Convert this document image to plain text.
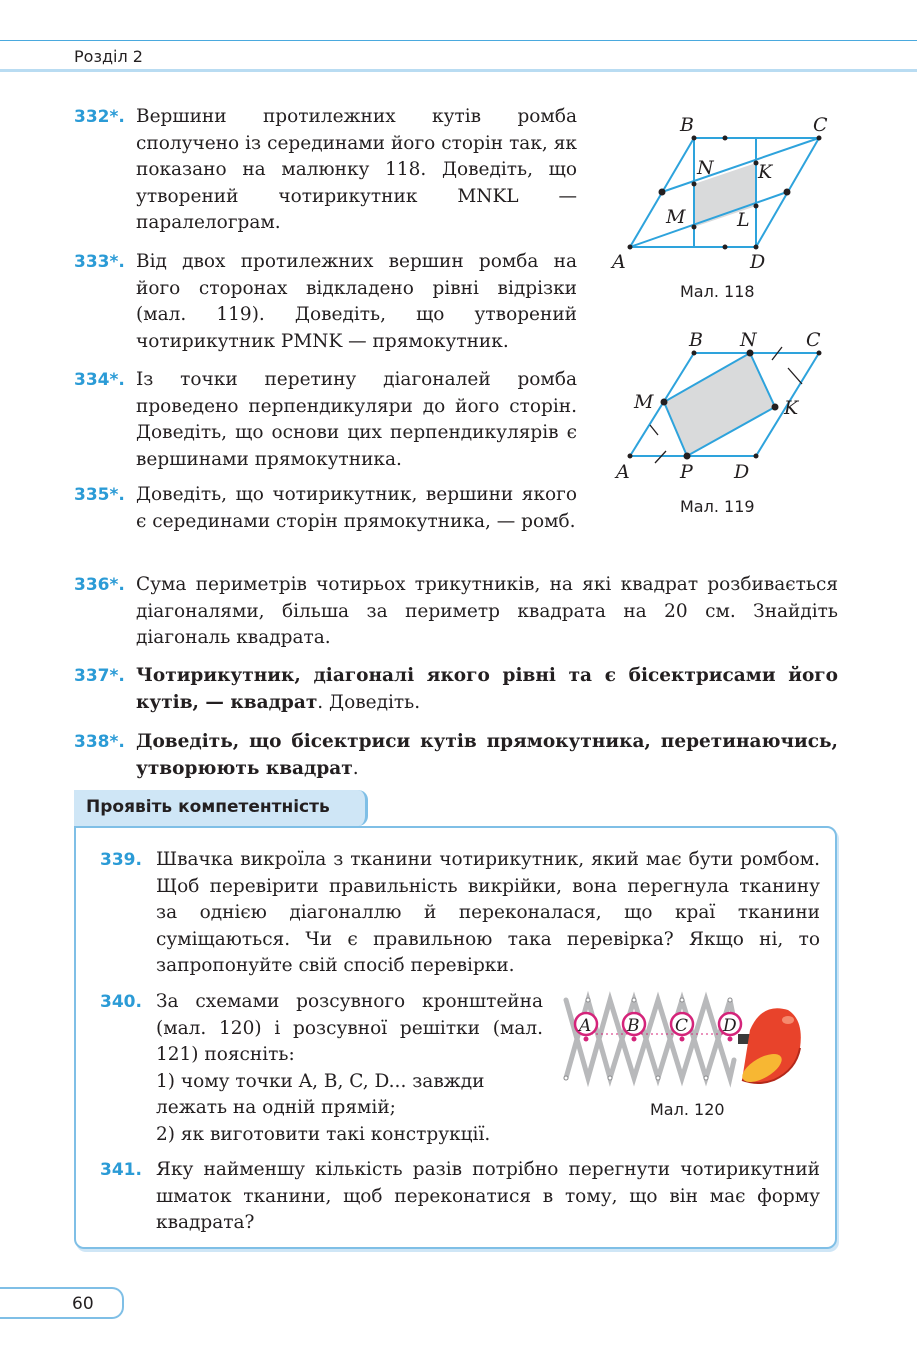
Розділ 2
332*. Вершини протилежних кутів ромба сполучено із серединами його сторін так, як показано на малюнку 118. Доведіть, що утворений чотирикутник MNKL — паралелограм.
333*. Від двох протилежних вершин ромба на його сторонах відкладено рівні відрізки (мал. 119). Доведіть, що утворений чотирикутник PMNK — прямокутник.
334*. Із точки перетину діагоналей ромба проведено перпендикуляри до його сторін. Доведіть, що основи цих перпендикулярів є вершинами прямокутника.
335*. Доведіть, що чотирикутник, вершини якого є серединами сторін прямокутника, — ромб.
336*. Сума периметрів чотирьох трикутників, на які квадрат розбивається діагоналями, більша за периметр квадрата на 20 см. Знайдіть діагональ квадрата.
337*. Чотирикутник, діагоналі якого рівні та є бісектрисами його кутів, — квадрат. Доведіть.
338*. Доведіть, що бісектриси кутів прямокутника, перетинаючись, утворюють квадрат.
A
B	C
D
M
N K
L
Мал. 118
A
B	C
D
M
N
K
P
Мал. 119
Проявіть компетентність
339. Швачка викроїла з тканини чотирикутник, який має бути ромбом. Щоб перевірити правильність викрійки, вона перегнула тканину за однією діагоналлю й переконалася, що краї тканини суміщаються. Чи є правильною така перевірка? Якщо ні, то запропонуйте свій спосіб перевірки.
340. За схемами розсувного кронштейна (мал. 120) і розсувної решітки (мал. 121) поясніть:
1) чому точки A, B, C, D... завжди лежать на одній прямій;
2) як виготовити такі конструкції.
A B C D
Мал. 120
341. Яку найменшу кількість разів потрібно перегнути чотирикутний шматок тканини, щоб переконатися в тому, що він має форму квадрата?
60
